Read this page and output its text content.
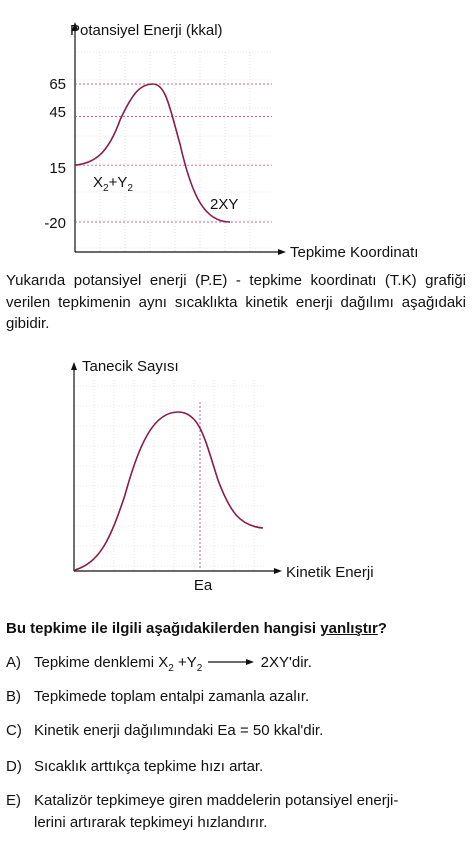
Potansiyel Enerji (kkal)
Tepkime Koordinatı
65
45
15
-20
$X_2+Y_2$
2XY
Yukarıda potansiyel enerji (P.E) - tepkime koordinatı (T.K) grafiği verilen tepkimenin aynı sıcaklıkta kinetik enerji dağılımı aşağıdaki gibidir.
Tanecik Sayısı
Kinetik Enerji
Ea
Bu tepkime ile ilgili aşağıdakilerden hangisi yanlıştır?
A) Tepkime denklemi $X_2 +Y_2 \to 2XY'dir$.
B) Tepkimede toplam entalpi zamanla azalır.
C) Kinetik enerji dağılımındaki Ea = 50 kkal'dir.
D) Sıcaklık arttıkça tepkime hızı artar.
E) Katalizör tepkimeye giren maddelerin potansiyel enerji-
lerini artırarak tepkimeyi hızlandırır.
